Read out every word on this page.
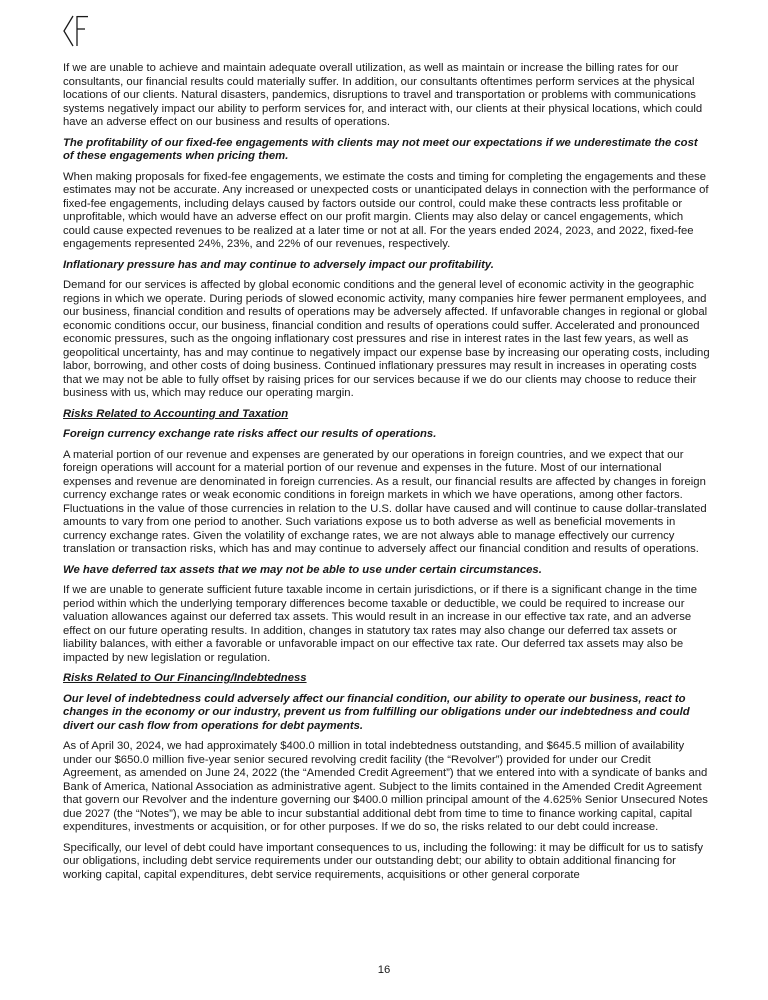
If we are unable to achieve and maintain adequate overall utilization, as well as maintain or increase the billing rates for our consultants, our financial results could materially suffer. In addition, our consultants oftentimes perform services at the physical locations of our clients. Natural disasters, pandemics, disruptions to travel and transportation or problems with communications systems negatively impact our ability to perform services for, and interact with, our clients at their physical locations, which could have an adverse effect on our business and results of operations.

The profitability of our fixed-fee engagements with clients may not meet our expectations if we underestimate the cost of these engagements when pricing them.

When making proposals for fixed-fee engagements, we estimate the costs and timing for completing the engagements and these estimates may not be accurate. Any increased or unexpected costs or unanticipated delays in connection with the performance of fixed-fee engagements, including delays caused by factors outside our control, could make these contracts less profitable or unprofitable, which would have an adverse effect on our profit margin. Clients may also delay or cancel engagements, which could cause expected revenues to be realized at a later time or not at all. For the years ended 2024, 2023, and 2022, fixed-fee engagements represented 24%, 23%, and 22% of our revenues, respectively.

Inflationary pressure has and may continue to adversely impact our profitability.

Demand for our services is affected by global economic conditions and the general level of economic activity in the geographic regions in which we operate. During periods of slowed economic activity, many companies hire fewer permanent employees, and our business, financial condition and results of operations may be adversely affected. If unfavorable changes in regional or global economic conditions occur, our business, financial condition and results of operations could suffer. Accelerated and pronounced economic pressures, such as the ongoing inflationary cost pressures and rise in interest rates in the last few years, as well as geopolitical uncertainty, has and may continue to negatively impact our expense base by increasing our operating costs, including labor, borrowing, and other costs of doing business. Continued inflationary pressures may result in increases in operating costs that we may not be able to fully offset by raising prices for our services because if we do our clients may choose to reduce their business with us, which may reduce our operating margin.

Risks Related to Accounting and Taxation

Foreign currency exchange rate risks affect our results of operations.

A material portion of our revenue and expenses are generated by our operations in foreign countries, and we expect that our foreign operations will account for a material portion of our revenue and expenses in the future. Most of our international expenses and revenue are denominated in foreign currencies. As a result, our financial results are affected by changes in foreign currency exchange rates or weak economic conditions in foreign markets in which we have operations, among other factors. Fluctuations in the value of those currencies in relation to the U.S. dollar have caused and will continue to cause dollar-translated amounts to vary from one period to another. Such variations expose us to both adverse as well as beneficial movements in currency exchange rates. Given the volatility of exchange rates, we are not always able to manage effectively our currency translation or transaction risks, which has and may continue to adversely affect our financial condition and results of operations.

We have deferred tax assets that we may not be able to use under certain circumstances.

If we are unable to generate sufficient future taxable income in certain jurisdictions, or if there is a significant change in the time period within which the underlying temporary differences become taxable or deductible, we could be required to increase our valuation allowances against our deferred tax assets. This would result in an increase in our effective tax rate, and an adverse effect on our future operating results. In addition, changes in statutory tax rates may also change our deferred tax assets or liability balances, with either a favorable or unfavorable impact on our effective tax rate. Our deferred tax assets may also be impacted by new legislation or regulation.

Risks Related to Our Financing/Indebtedness

Our level of indebtedness could adversely affect our financial condition, our ability to operate our business, react to changes in the economy or our industry, prevent us from fulfilling our obligations under our indebtedness and could divert our cash flow from operations for debt payments.

As of April 30, 2024, we had approximately $400.0 million in total indebtedness outstanding, and $645.5 million of availability under our $650.0 million five-year senior secured revolving credit facility (the “Revolver”) provided for under our Credit Agreement, as amended on June 24, 2022 (the “Amended Credit Agreement”) that we entered into with a syndicate of banks and Bank of America, National Association as administrative agent. Subject to the limits contained in the Amended Credit Agreement that govern our Revolver and the indenture governing our $400.0 million principal amount of the 4.625% Senior Unsecured Notes due 2027 (the “Notes”), we may be able to incur substantial additional debt from time to time to finance working capital, capital expenditures, investments or acquisition, or for other purposes. If we do so, the risks related to our debt could increase.

Specifically, our level of debt could have important consequences to us, including the following: it may be difficult for us to satisfy our obligations, including debt service requirements under our outstanding debt; our ability to obtain additional financing for working capital, capital expenditures, debt service requirements, acquisitions or other general corporate

16
